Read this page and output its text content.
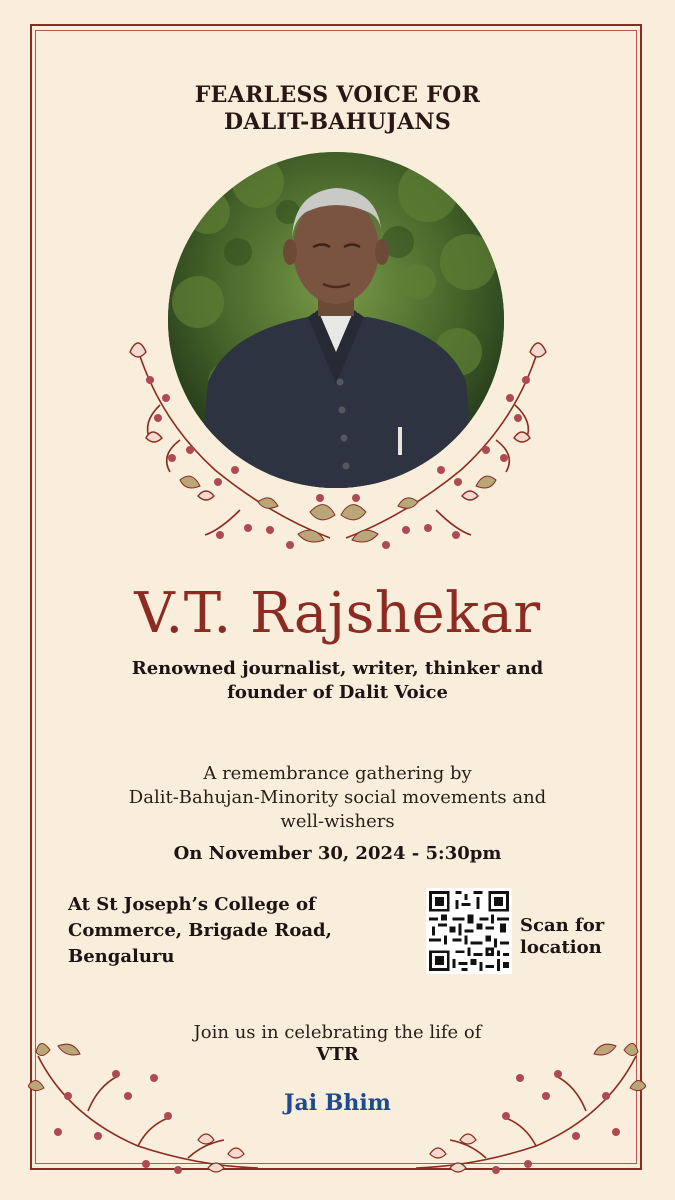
FEARLESS VOICE FOR
DALIT-BAHUJANS
V.T. Rajshekar
Renowned journalist, writer, thinker and
founder of Dalit Voice
A remembrance gathering by
Dalit-Bahujan-Minority social movements and
well-wishers
On November 30, 2024 - 5:30pm
At St Joseph’s College of
Commerce, Brigade Road,
Bengaluru
Scan for
location
Join us in celebrating the life of
VTR
Jai Bhim
